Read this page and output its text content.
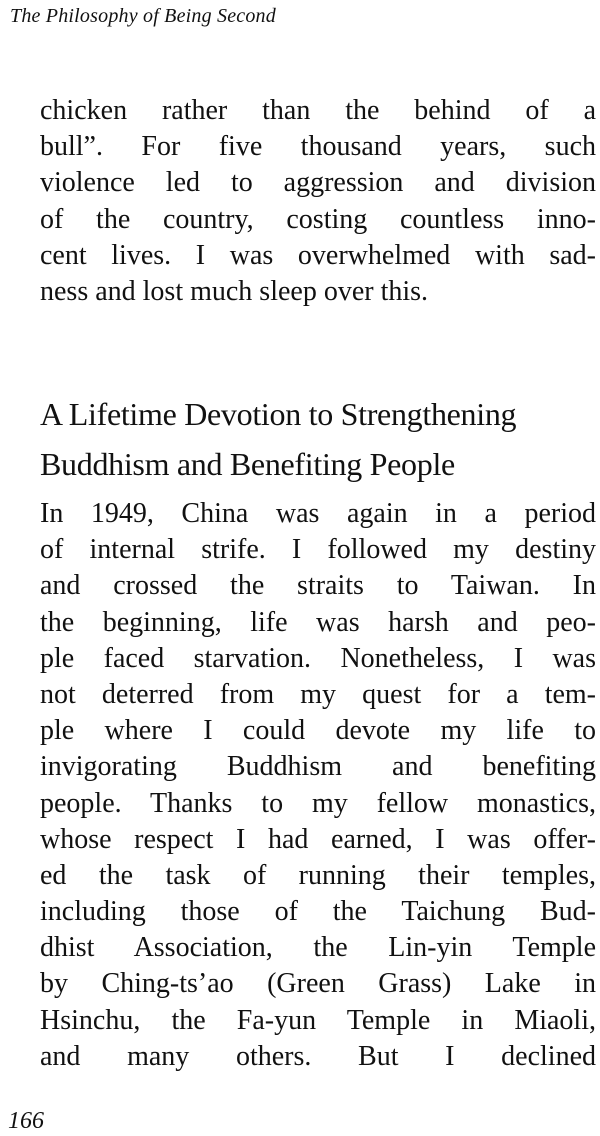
The Philosophy of Being Second
chicken rather than the behind of a
bull”. For five thousand years, such
violence led to aggression and division
of the country, costing countless inno-
cent lives. I was overwhelmed with sad-
ness and lost much sleep over this.
A Lifetime Devotion to Strengthening
Buddhism and Benefiting People
In 1949, China was again in a period
of internal strife. I followed my destiny
and crossed the straits to Taiwan. In
the beginning, life was harsh and peo-
ple faced starvation. Nonetheless, I was
not deterred from my quest for a tem-
ple where I could devote my life to
invigorating Buddhism and benefiting
people. Thanks to my fellow monastics,
whose respect I had earned, I was offer-
ed the task of running their temples,
including those of the Taichung Bud-
dhist Association, the Lin-yin Temple
by Ching-ts’ao (Green Grass) Lake in
Hsinchu, the Fa-yun Temple in Miaoli,
and many others. But I declined
166
